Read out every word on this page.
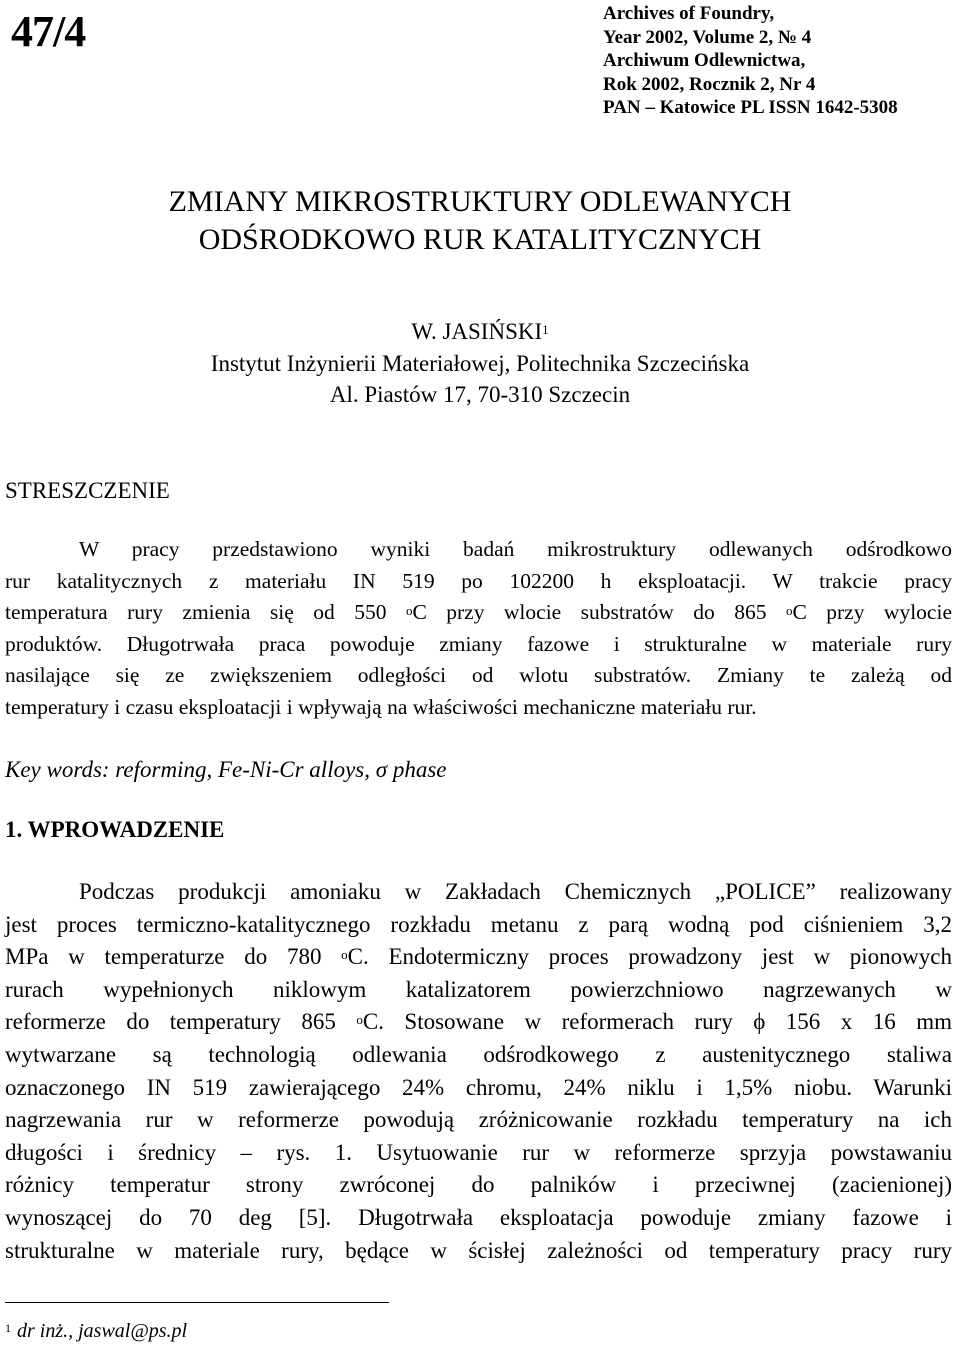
47/4	Archives of Foundry,
Year 2002, Volume 2, № 4
Archiwum Odlewnictwa,
Rok 2002, Rocznik 2, Nr 4
PAN – Katowice PL ISSN 1642-5308
ZMIANY MIKROSTRUKTURY ODLEWANYCH
ODŚRODKOWO RUR KATALITYCZNYCH
W. JASIŃSKI$^1$
Instytut Inżynierii Materiałowej, Politechnika Szczecińska
Al. Piastów 17, 70-310 Szczecin
STRESZCZENIE
W pracy przedstawiono wyniki badań mikrostruktury odlewanych odśrodkowo
rur katalitycznych z materiału IN 519 po 102200 h eksploatacji. W trakcie pracy
temperatura rury zmienia się od 550 $^o$C przy wlocie substratów do 865 $^o$C przy wylocie
produktów. Długotrwała praca powoduje zmiany fazowe i strukturalne w materiale rury
nasilające się ze zwiększeniem odległości od wlotu substratów. Zmiany te zależą od
temperatury i czasu eksploatacji i wpływają na właściwości mechaniczne materiału rur.
Key words: reforming, Fe-Ni-Cr alloys, σ phase
1. WPROWADZENIE
Podczas produkcji amoniaku w Zakładach Chemicznych „POLICE” realizowany
jest proces termiczno-katalitycznego rozkładu metanu z parą wodną pod ciśnieniem 3,2
MPa w temperaturze do 780 $^o$C. Endotermiczny proces prowadzony jest w pionowych
rurach wypełnionych niklowym katalizatorem powierzchniowo nagrzewanych w
reformerze do temperatury 865 $^o$C. Stosowane w reformerach rury ϕ 156 x 16 mm
wytwarzane są technologią odlewania odśrodkowego z austenitycznego staliwa
oznaczonego IN 519 zawierającego 24% chromu, 24% niklu i 1,5% niobu. Warunki
nagrzewania rur w reformerze powodują zróżnicowanie rozkładu temperatury na ich
długości i średnicy – rys. 1. Usytuowanie rur w reformerze sprzyja powstawaniu
różnicy temperatur strony zwróconej do palników i przeciwnej (zacienionej)
wynoszącej do 70 deg [5]. Długotrwała eksploatacja powoduje zmiany fazowe i
strukturalne w materiale rury, będące w ścisłej zależności od temperatury pracy rury
$^1$ dr inż., jaswal@ps.pl
